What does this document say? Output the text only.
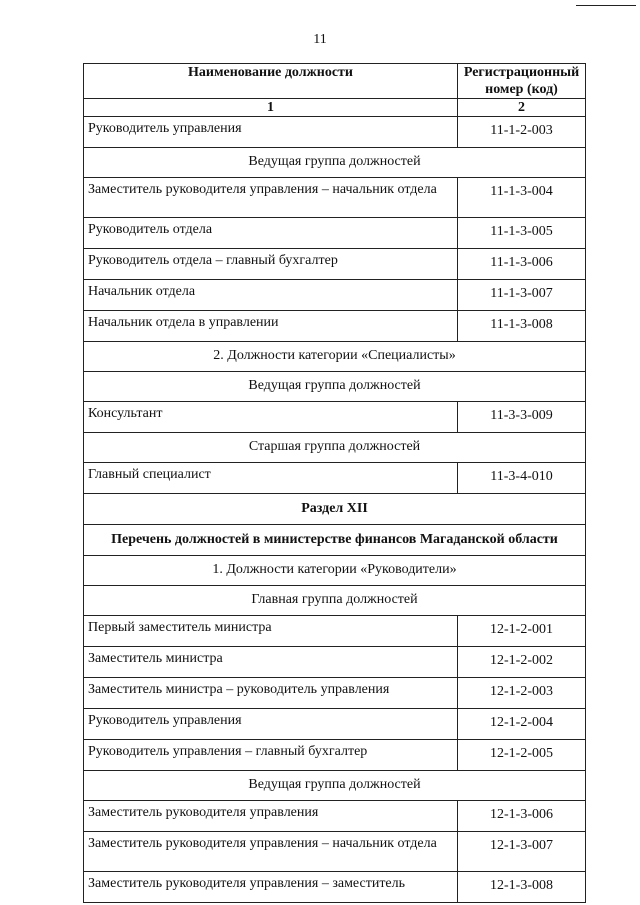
11
Наименование должности	Регистрационный номер (код)
1	2
Руководитель управления	11-1-2-003
Ведущая группа должностей	
Заместитель руководителя управления – начальник отдела	11-1-3-004
Руководитель отдела	11-1-3-005
Руководитель отдела – главный бухгалтер	11-1-3-006
Начальник отдела	11-1-3-007
Начальник отдела в управлении	11-1-3-008
2. Должности категории «Специалисты»	
Ведущая группа должностей	
Консультант	11-3-3-009
Старшая группа должностей	
Главный специалист	11-3-4-010
Раздел XII	
Перечень должностей в министерстве финансов Магаданской области	
1. Должности категории «Руководители»	
Главная группа должностей	
Первый заместитель министра	12-1-2-001
Заместитель министра	12-1-2-002
Заместитель министра – руководитель управления	12-1-2-003
Руководитель управления	12-1-2-004
Руководитель управления – главный бухгалтер	12-1-2-005
Ведущая группа должностей	
Заместитель руководителя управления	12-1-3-006
Заместитель руководителя управления – начальник отдела	12-1-3-007
Заместитель руководителя управления – заместитель	12-1-3-008
